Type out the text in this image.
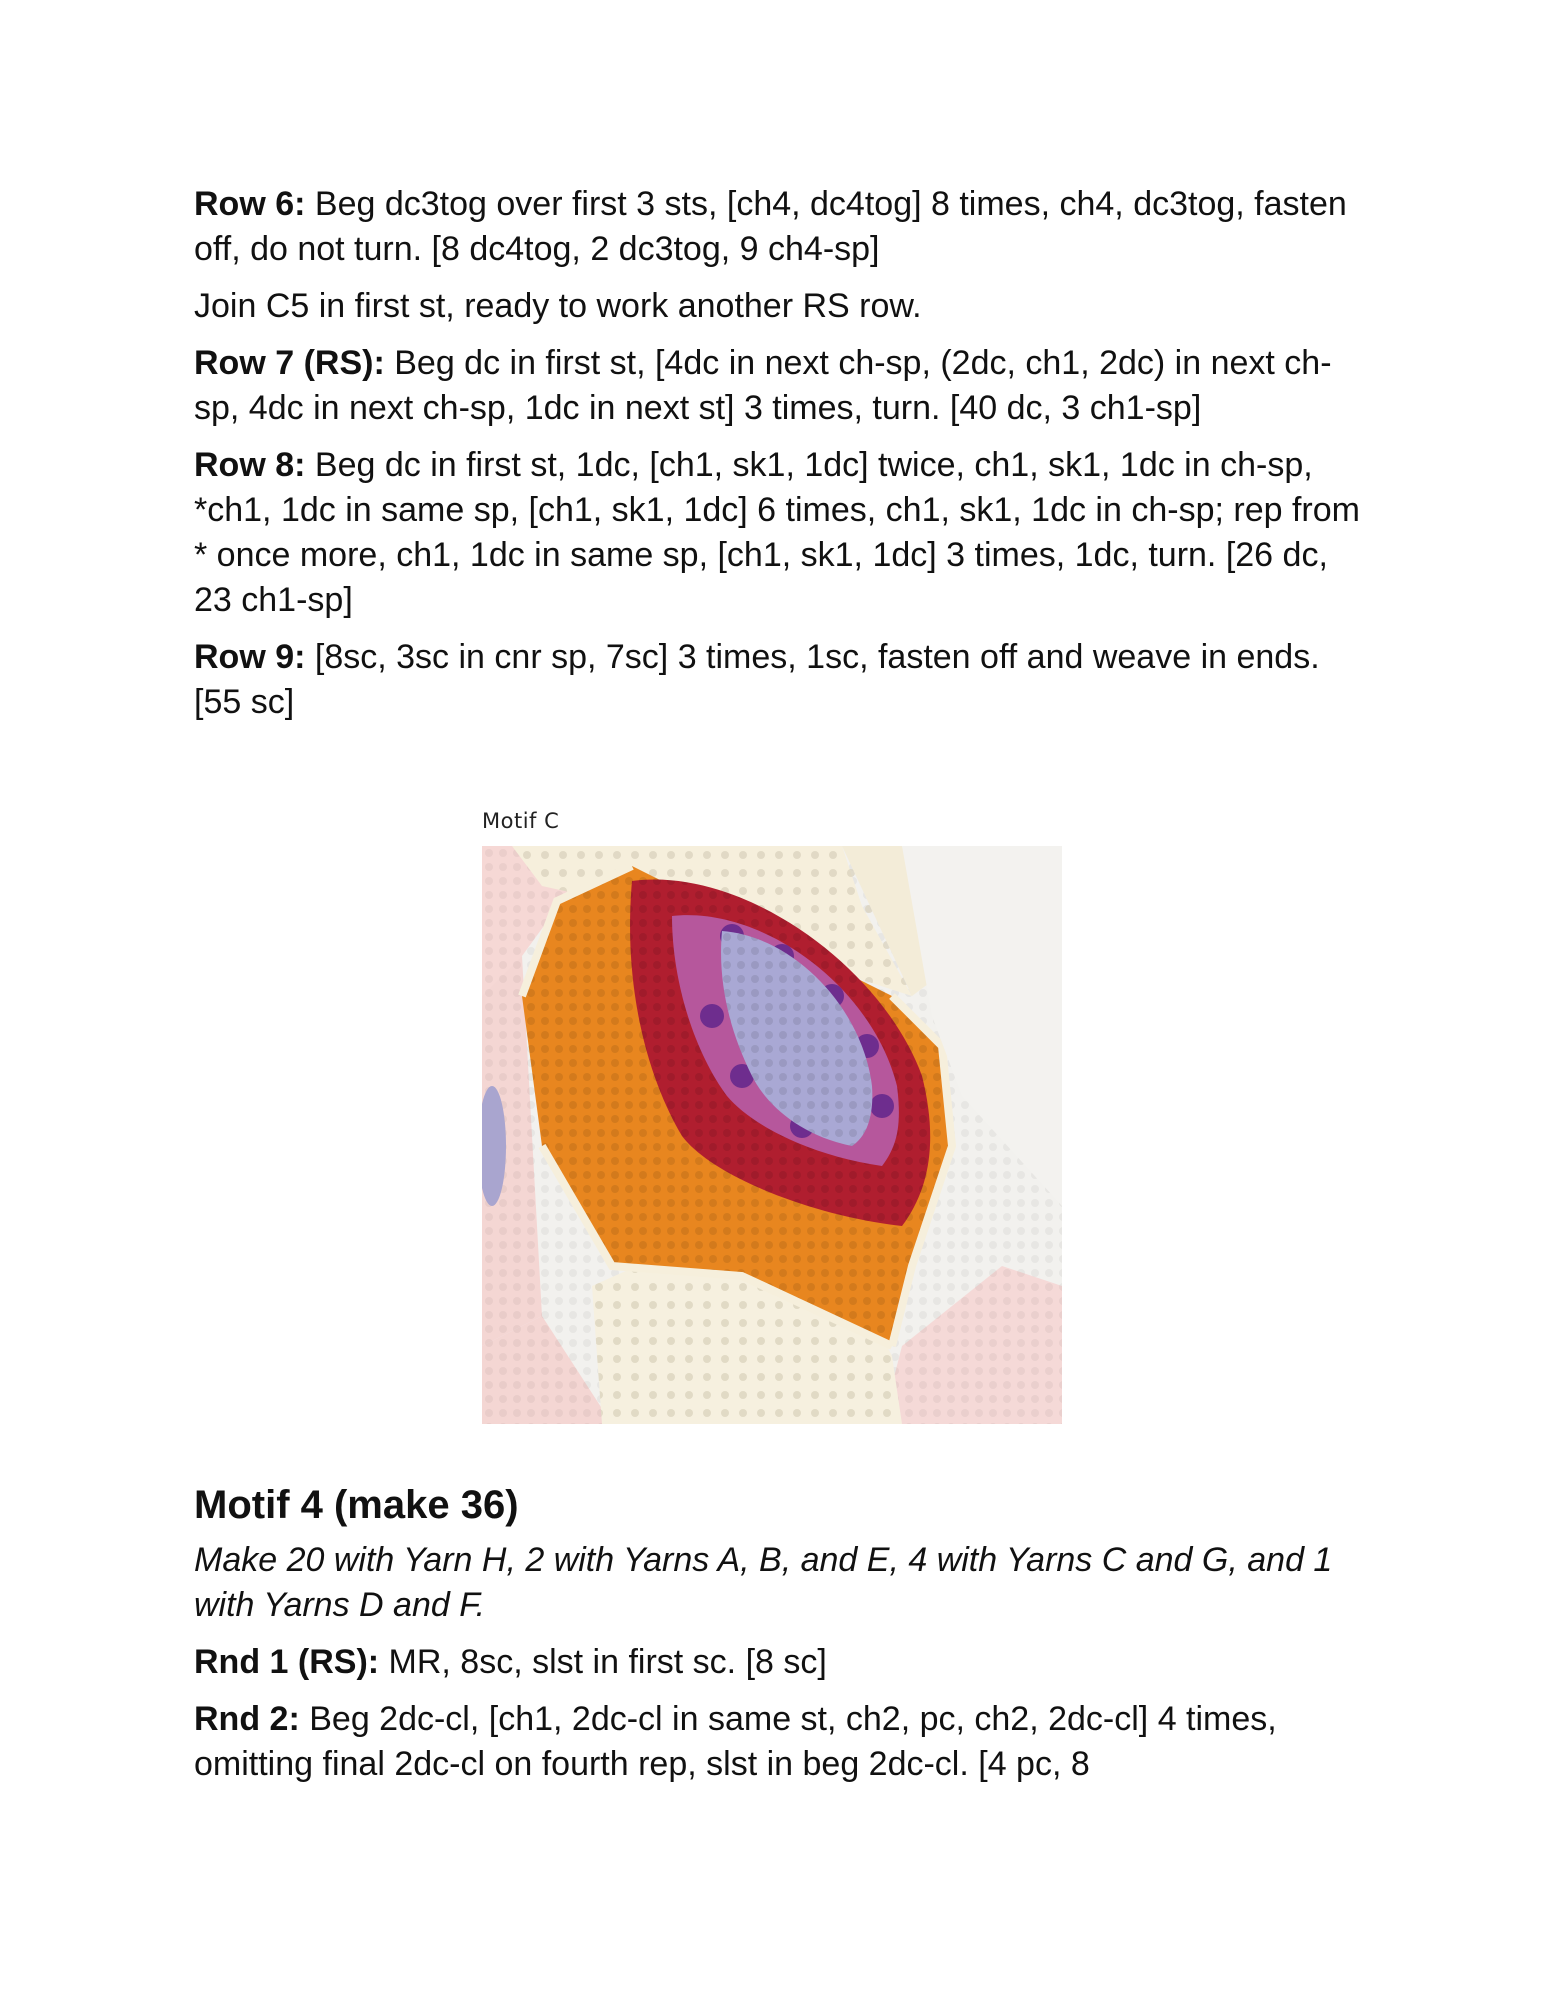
Row 6: Beg dc3tog over first 3 sts, [ch4, dc4tog] 8 times, ch4, dc3tog, fasten off, do not turn. [8 dc4tog, 2 dc3tog, 9 ch4-sp]

Join C5 in first st, ready to work another RS row.

Row 7 (RS): Beg dc in first st, [4dc in next ch-sp, (2dc, ch1, 2dc) in next ch-sp, 4dc in next ch-sp, 1dc in next st] 3 times, turn. [40 dc, 3 ch1-sp]

Row 8: Beg dc in first st, 1dc, [ch1, sk1, 1dc] twice, ch1, sk1, 1dc in ch-sp, *ch1, 1dc in same sp, [ch1, sk1, 1dc] 6 times, ch1, sk1, 1dc in ch-sp; rep from * once more, ch1, 1dc in same sp, [ch1, sk1, 1dc] 3 times, 1dc, turn. [26 dc, 23 ch1-sp]

Row 9: [8sc, 3sc in cnr sp, 7sc] 3 times, 1sc, fasten off and weave in ends. [55 sc]

Motif C
Motif 4 (make 36)

Make 20 with Yarn H, 2 with Yarns A, B, and E, 4 with Yarns C and G, and 1 with Yarns D and F.

Rnd 1 (RS): MR, 8sc, slst in first sc. [8 sc]

Rnd 2: Beg 2dc-cl, [ch1, 2dc-cl in same st, ch2, pc, ch2, 2dc-cl] 4 times, omitting final 2dc-cl on fourth rep, slst in beg 2dc-cl. [4 pc, 8
